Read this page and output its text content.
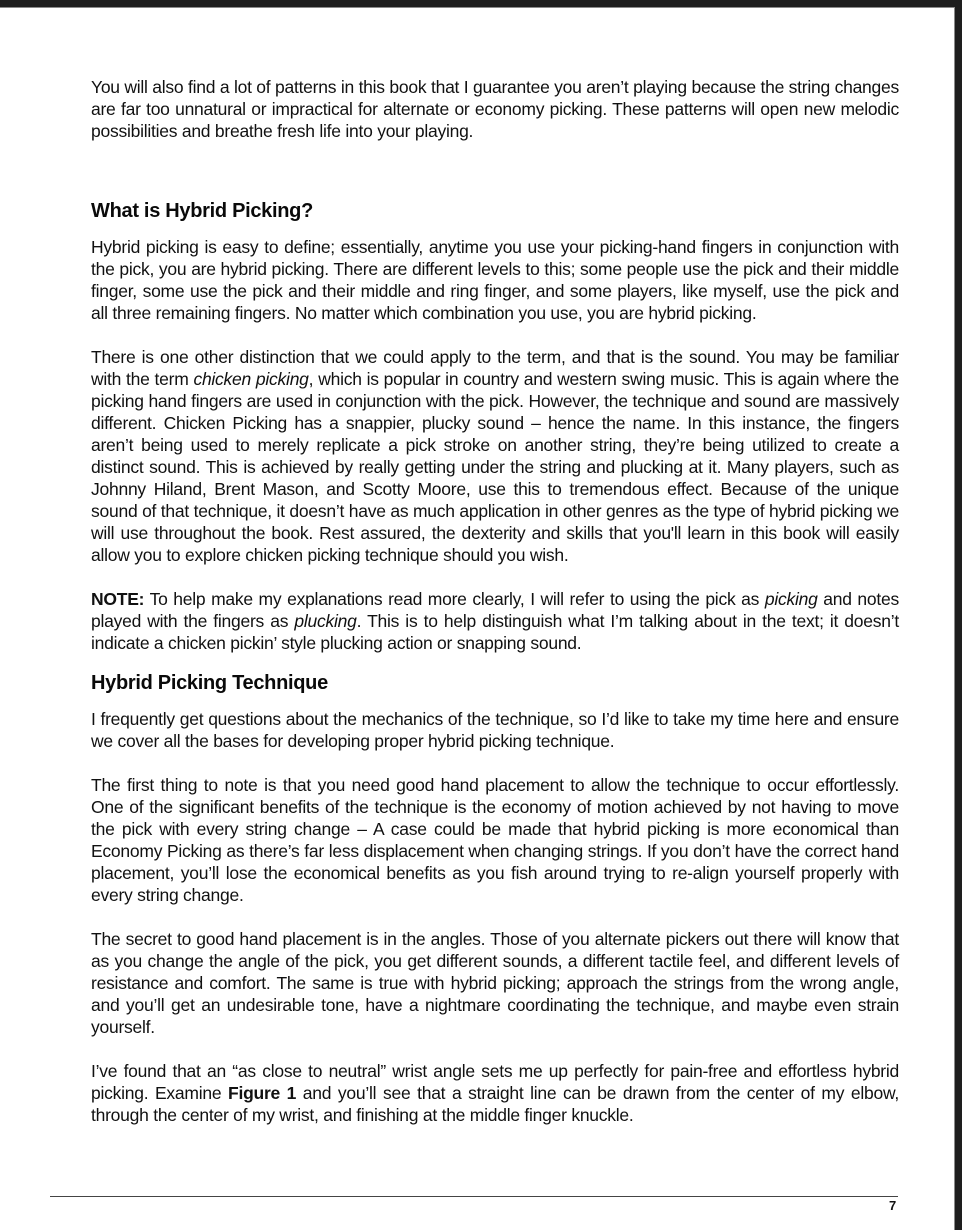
You will also find a lot of patterns in this book that I guarantee you aren’t playing because the string changes are far too unnatural or impractical for alternate or economy picking. These patterns will open new melodic possibilities and breathe fresh life into your playing.

What is Hybrid Picking?

Hybrid picking is easy to define; essentially, anytime you use your picking-hand fingers in conjunction with the pick, you are hybrid picking. There are different levels to this; some people use the pick and their middle finger, some use the pick and their middle and ring finger, and some players, like myself, use the pick and all three remaining fingers. No matter which combination you use, you are hybrid picking.

There is one other distinction that we could apply to the term, and that is the sound. You may be familiar with the term chicken picking, which is popular in country and western swing music. This is again where the picking hand fingers are used in conjunction with the pick. However, the technique and sound are massively different. Chicken Picking has a snappier, plucky sound – hence the name. In this instance, the fingers aren’t being used to merely replicate a pick stroke on another string, they’re being utilized to create a distinct sound. This is achieved by really getting under the string and plucking at it. Many players, such as Johnny Hiland, Brent Mason, and Scotty Moore, use this to tremendous effect. Because of the unique sound of that technique, it doesn’t have as much application in other genres as the type of hybrid picking we will use throughout the book. Rest assured, the dexterity and skills that you'll learn in this book will easily allow you to explore chicken picking technique should you wish.

NOTE: To help make my explanations read more clearly, I will refer to using the pick as picking and notes played with the fingers as plucking. This is to help distinguish what I’m talking about in the text; it doesn’t indicate a chicken pickin’ style plucking action or snapping sound.

Hybrid Picking Technique

I frequently get questions about the mechanics of the technique, so I’d like to take my time here and ensure we cover all the bases for developing proper hybrid picking technique.

The first thing to note is that you need good hand placement to allow the technique to occur effortlessly. One of the significant benefits of the technique is the economy of motion achieved by not having to move the pick with every string change – A case could be made that hybrid picking is more economical than Economy Picking as there’s far less displacement when changing strings. If you don’t have the correct hand placement, you’ll lose the economical benefits as you fish around trying to re-align yourself properly with every string change.

The secret to good hand placement is in the angles. Those of you alternate pickers out there will know that as you change the angle of the pick, you get different sounds, a different tactile feel, and different levels of resistance and comfort. The same is true with hybrid picking; approach the strings from the wrong angle, and you’ll get an undesirable tone, have a nightmare coordinating the technique, and maybe even strain yourself.

I’ve found that an “as close to neutral” wrist angle sets me up perfectly for pain-free and effortless hybrid picking. Examine Figure 1 and you’ll see that a straight line can be drawn from the center of my elbow, through the center of my wrist, and finishing at the middle finger knuckle.

7
